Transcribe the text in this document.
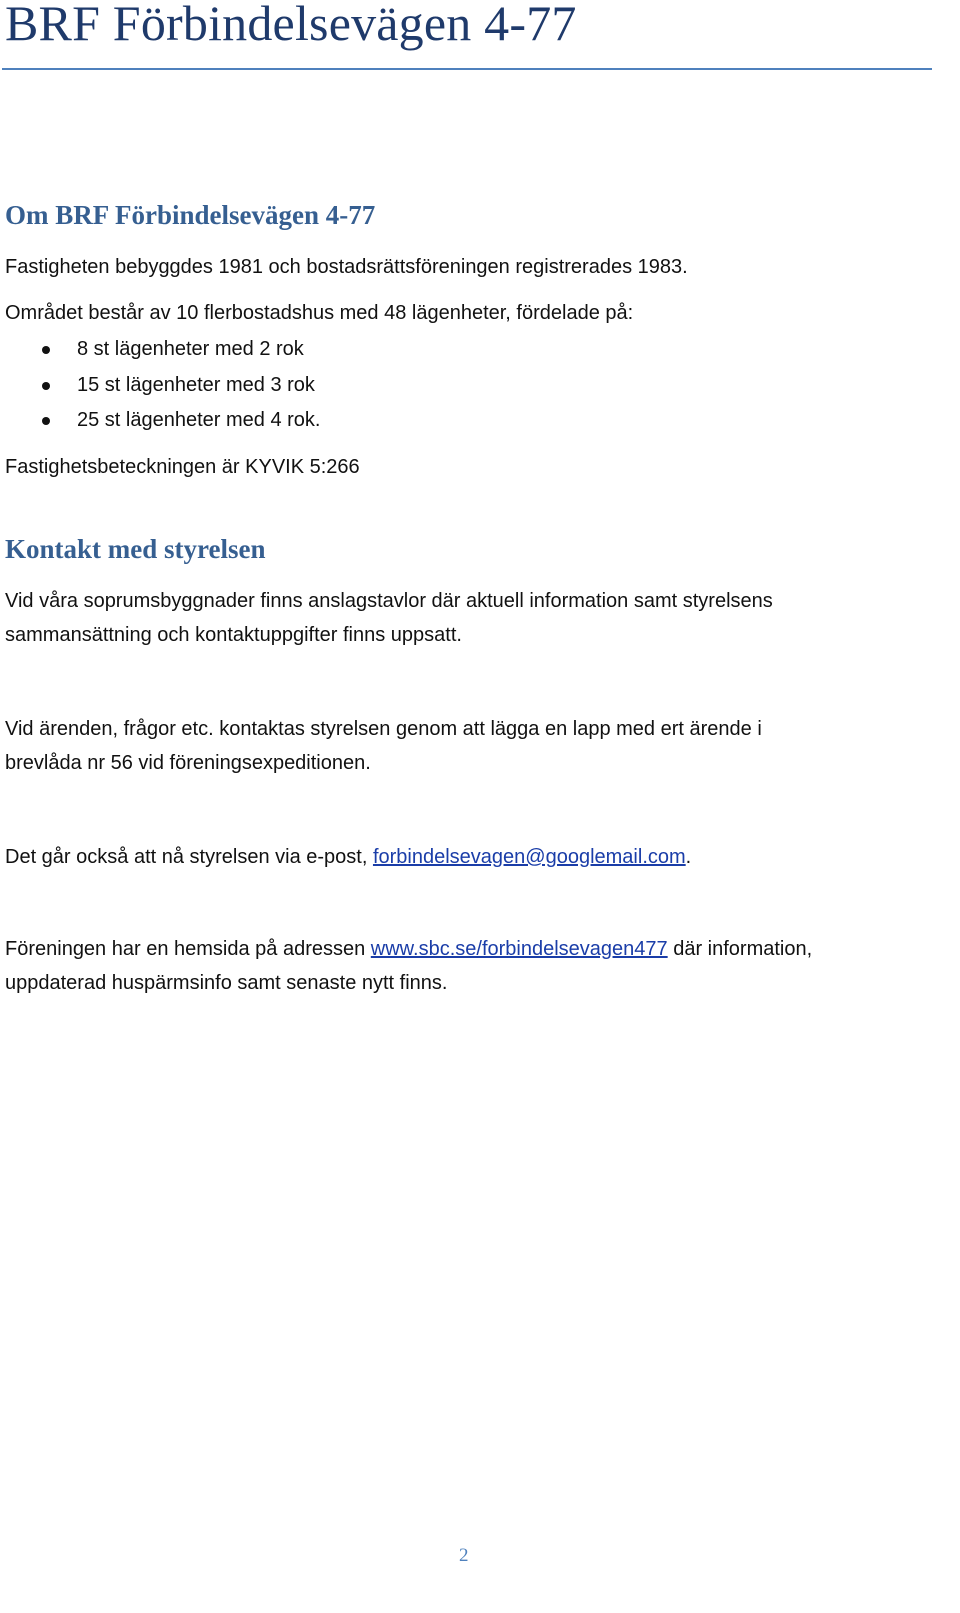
BRF Förbindelsevägen 4-77
Om BRF Förbindelsevägen 4-77

Fastigheten bebyggdes 1981 och bostadsrättsföreningen registrerades 1983.

Området består av 10 flerbostadshus med 48 lägenheter, fördelade på:

8 st lägenheter med 2 rok
15 st lägenheter med 3 rok
25 st lägenheter med 4 rok.

Fastighetsbeteckningen är KYVIK 5:266

Kontakt med styrelsen

Vid våra soprumsbyggnader finns anslagstavlor där aktuell information samt styrelsens
sammansättning och kontaktuppgifter finns uppsatt.

Vid ärenden, frågor etc. kontaktas styrelsen genom att lägga en lapp med ert ärende i
brevlåda nr 56 vid föreningsexpeditionen.

Det går också att nå styrelsen via e-post, forbindelsevagen@googlemail.com.

Föreningen har en hemsida på adressen www.sbc.se/forbindelsevagen477 där information,
uppdaterad huspärmsinfo samt senaste nytt finns.

2
